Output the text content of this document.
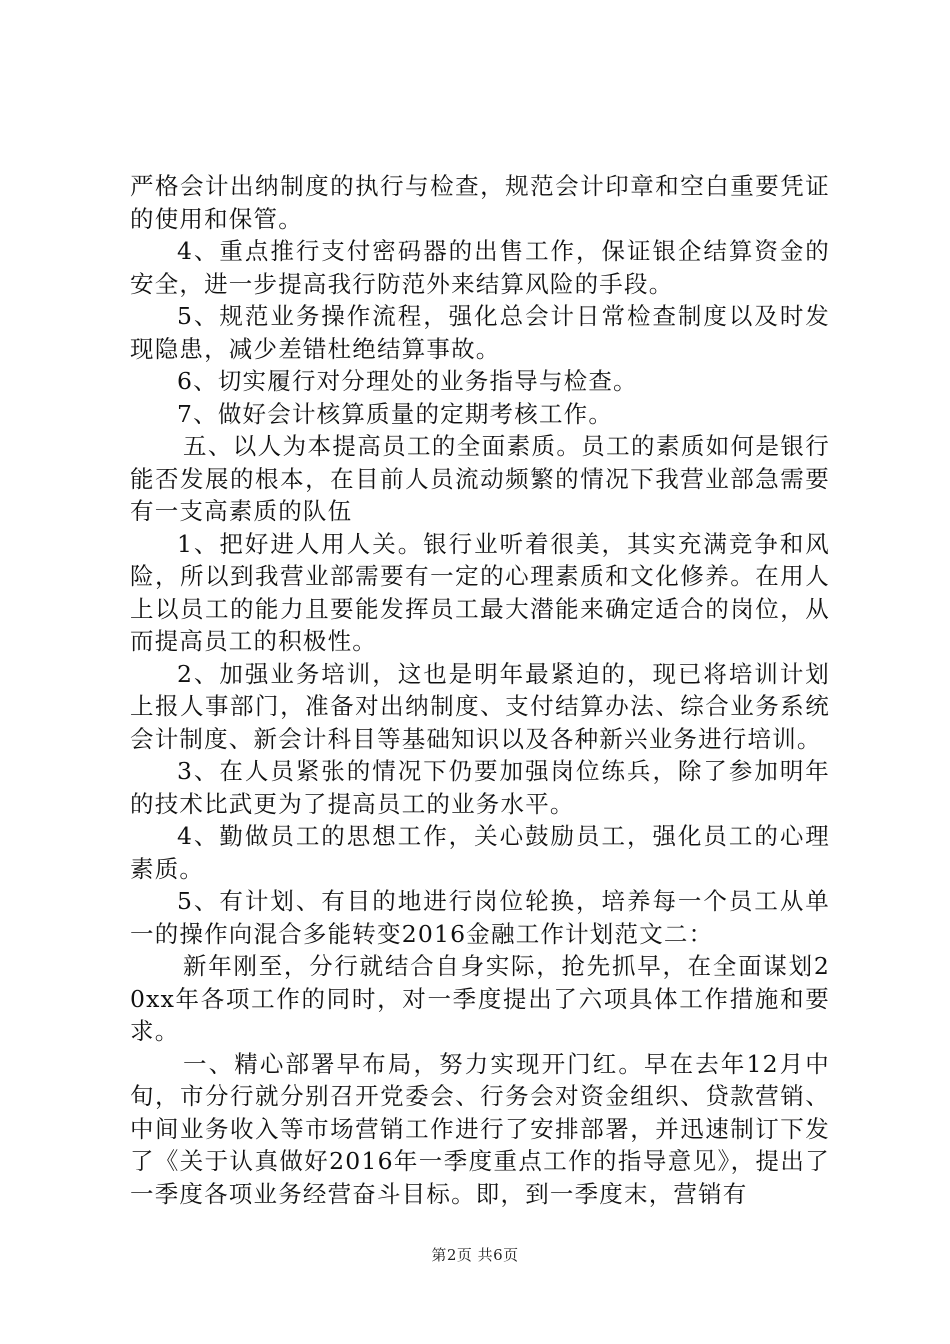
严格会计出纳制度的执行与检查，规范会计印章和空白重要凭证的使用和保管。

4、重点推行支付密码器的出售工作，保证银企结算资金的安全，进一步提高我行防范外来结算风险的手段。

5、规范业务操作流程，强化总会计日常检查制度以及时发现隐患，减少差错杜绝结算事故。

6、切实履行对分理处的业务指导与检查。

7、做好会计核算质量的定期考核工作。

五、以人为本提高员工的全面素质。员工的素质如何是银行能否发展的根本，在目前人员流动频繁的情况下我营业部急需要有一支高素质的队伍

1、把好进人用人关。银行业听着很美，其实充满竞争和风险，所以到我营业部需要有一定的心理素质和文化修养。在用人上以员工的能力且要能发挥员工最大潜能来确定适合的岗位，从而提高员工的积极性。

2、加强业务培训，这也是明年最紧迫的，现已将培训计划上报人事部门，准备对出纳制度、支付结算办法、综合业务系统会计制度、新会计科目等基础知识以及各种新兴业务进行培训。

3、在人员紧张的情况下仍要加强岗位练兵，除了参加明年的技术比武更为了提高员工的业务水平。

4、勤做员工的思想工作，关心鼓励员工，强化员工的心理素质。

5、有计划、有目的地进行岗位轮换，培养每一个员工从单一的操作向混合多能转变2016金融工作计划范文二：

新年刚至，分行就结合自身实际，抢先抓早，在全面谋划20xx年各项工作的同时，对一季度提出了六项具体工作措施和要求。

一、精心部署早布局，努力实现开门红。早在去年12月中旬，市分行就分别召开党委会、行务会对资金组织、贷款营销、中间业务收入等市场营销工作进行了安排部署，并迅速制订下发了《关于认真做好2016年一季度重点工作的指导意见》，提出了一季度各项业务经营奋斗目标。即，到一季度末，营销有

第2页 共6页
